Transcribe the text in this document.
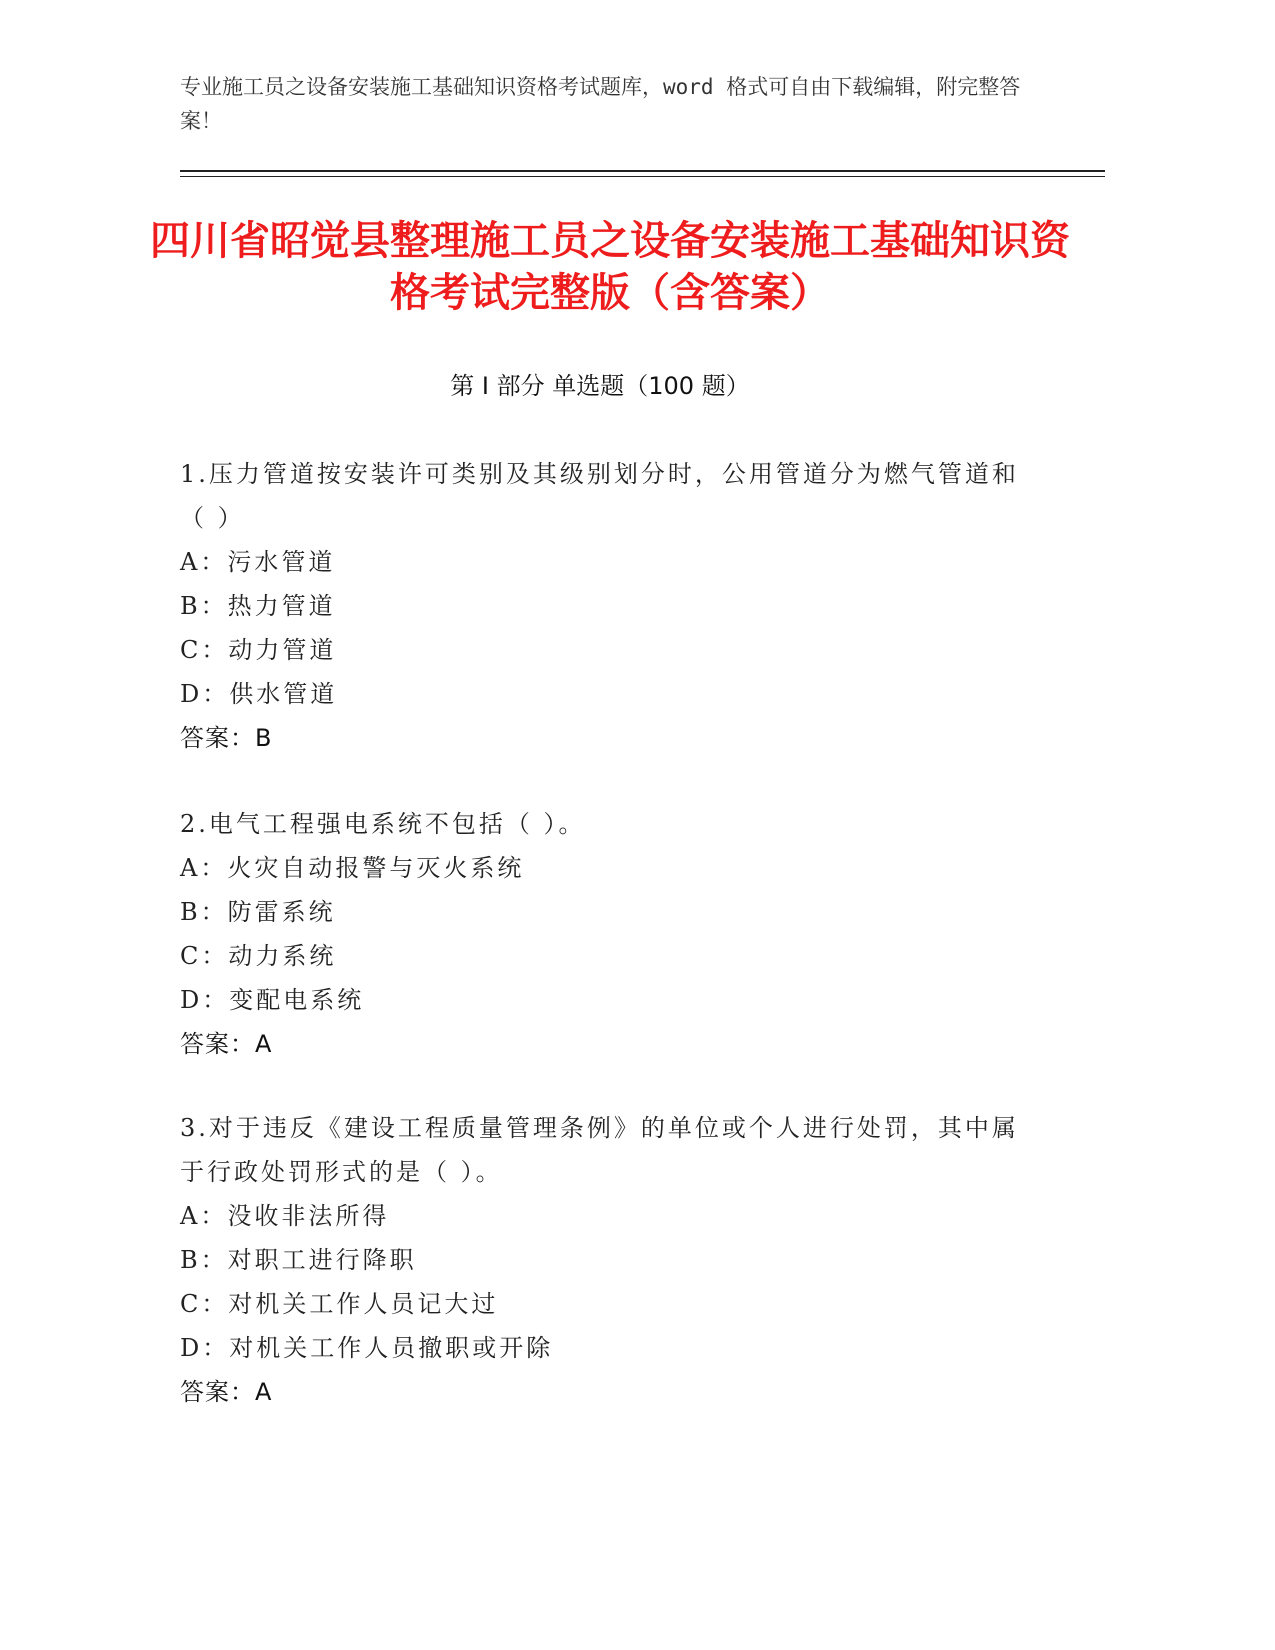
专业施工员之设备安装施工基础知识资格考试题库，word 格式可自由下载编辑，附完整答案！
四川省昭觉县整理施工员之设备安装施工基础知识资格考试完整版（含答案）
第 I 部分 单选题（100 题）

1.压力管道按安装许可类别及其级别划分时，公用管道分为燃气管道和（ ）

A：污水管道

B：热力管道

C：动力管道

D：供水管道

答案：B

2.电气工程强电系统不包括（ ）。

A：火灾自动报警与灭火系统

B：防雷系统

C：动力系统

D：变配电系统

答案：A

3.对于违反《建设工程质量管理条例》的单位或个人进行处罚，其中属于行政处罚形式的是（ ）。

A：没收非法所得

B：对职工进行降职

C：对机关工作人员记大过

D：对机关工作人员撤职或开除

答案：A
